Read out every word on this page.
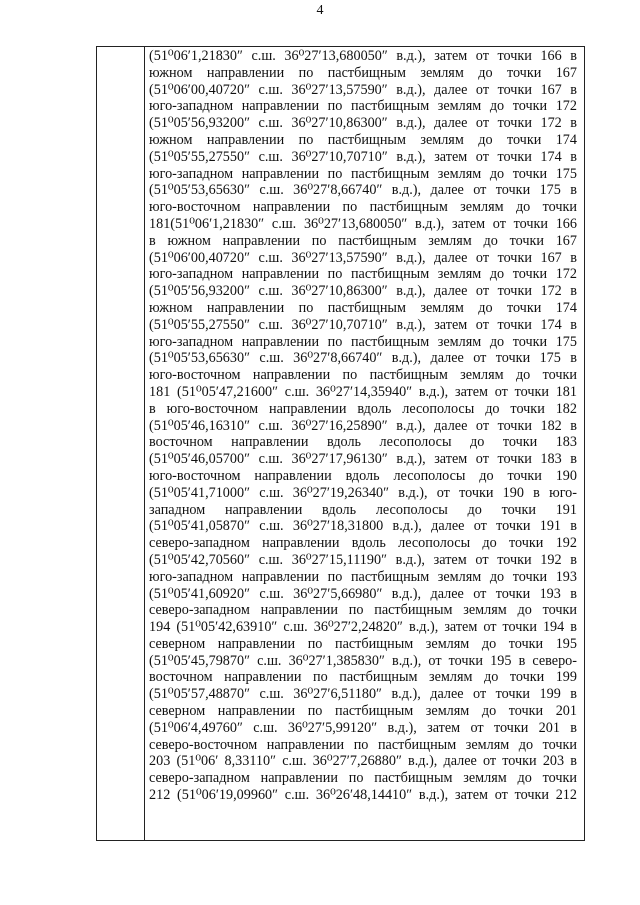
4
(51⁰06′1,21830″ с.ш. 36⁰27′13,680050″ в.д.), затем от точки 166 в
южном направлении по пастбищным землям до точки 167
(51⁰06′00,40720″ с.ш. 36⁰27′13,57590″ в.д.), далее от точки 167 в
юго-западном направлении по пастбищным землям до точки 172
(51⁰05′56,93200″ с.ш. 36⁰27′10,86300″ в.д.), далее от точки 172 в
южном направлении по пастбищным землям до точки 174
(51⁰05′55,27550″ с.ш. 36⁰27′10,70710″ в.д.), затем от точки 174 в
юго-западном направлении по пастбищным землям до точки 175
(51⁰05′53,65630″ с.ш. 36⁰27′8,66740″ в.д.), далее от точки 175 в
юго-восточном направлении по пастбищным землям до точки
181(51⁰06′1,21830″ с.ш. 36⁰27′13,680050″ в.д.), затем от точки 166
в южном направлении по пастбищным землям до точки 167
(51⁰06′00,40720″ с.ш. 36⁰27′13,57590″ в.д.), далее от точки 167 в
юго-западном направлении по пастбищным землям до точки 172
(51⁰05′56,93200″ с.ш. 36⁰27′10,86300″ в.д.), далее от точки 172 в
южном направлении по пастбищным землям до точки 174
(51⁰05′55,27550″ с.ш. 36⁰27′10,70710″ в.д.), затем от точки 174 в
юго-западном направлении по пастбищным землям до точки 175
(51⁰05′53,65630″ с.ш. 36⁰27′8,66740″ в.д.), далее от точки 175 в
юго-восточном направлении по пастбищным землям до точки
181 (51⁰05′47,21600″ с.ш. 36⁰27′14,35940″ в.д.), затем от точки 181
в юго-восточном направлении вдоль лесополосы до точки 182
(51⁰05′46,16310″ с.ш. 36⁰27′16,25890″ в.д.), далее от точки 182 в
восточном направлении вдоль лесополосы до точки 183
(51⁰05′46,05700″ с.ш. 36⁰27′17,96130″ в.д.), затем от точки 183 в
юго-восточном направлении вдоль лесополосы до точки 190
(51⁰05′41,71000″ с.ш. 36⁰27′19,26340″ в.д.), от точки 190 в юго-
западном направлении вдоль лесополосы до точки 191
(51⁰05′41,05870″ с.ш. 36⁰27′18,31800 в.д.), далее от точки 191 в
северо-западном направлении вдоль лесополосы до точки 192
(51⁰05′42,70560″ с.ш. 36⁰27′15,11190″ в.д.), затем от точки 192 в
юго-западном направлении по пастбищным землям до точки 193
(51⁰05′41,60920″ с.ш. 36⁰27′5,66980″ в.д.), далее от точки 193 в
северо-западном направлении по пастбищным землям до точки
194 (51⁰05′42,63910″ с.ш. 36⁰27′2,24820″ в.д.), затем от точки 194 в
северном направлении по пастбищным землям до точки 195
(51⁰05′45,79870″ с.ш. 36⁰27′1,385830″ в.д.), от точки 195 в северо-
восточном направлении по пастбищным землям до точки 199
(51⁰05′57,48870″ с.ш. 36⁰27′6,51180″ в.д.), далее от точки 199 в
северном направлении по пастбищным землям до точки 201
(51⁰06′4,49760″ с.ш. 36⁰27′5,99120″ в.д.), затем от точки 201 в
северо-восточном направлении по пастбищным землям до точки
203 (51⁰06′ 8,33110″ с.ш. 36⁰27′7,26880″ в.д.), далее от точки 203 в
северо-западном направлении по пастбищным землям до точки
212 (51⁰06′19,09960″ с.ш. 36⁰26′48,14410″ в.д.), затем от точки 212
